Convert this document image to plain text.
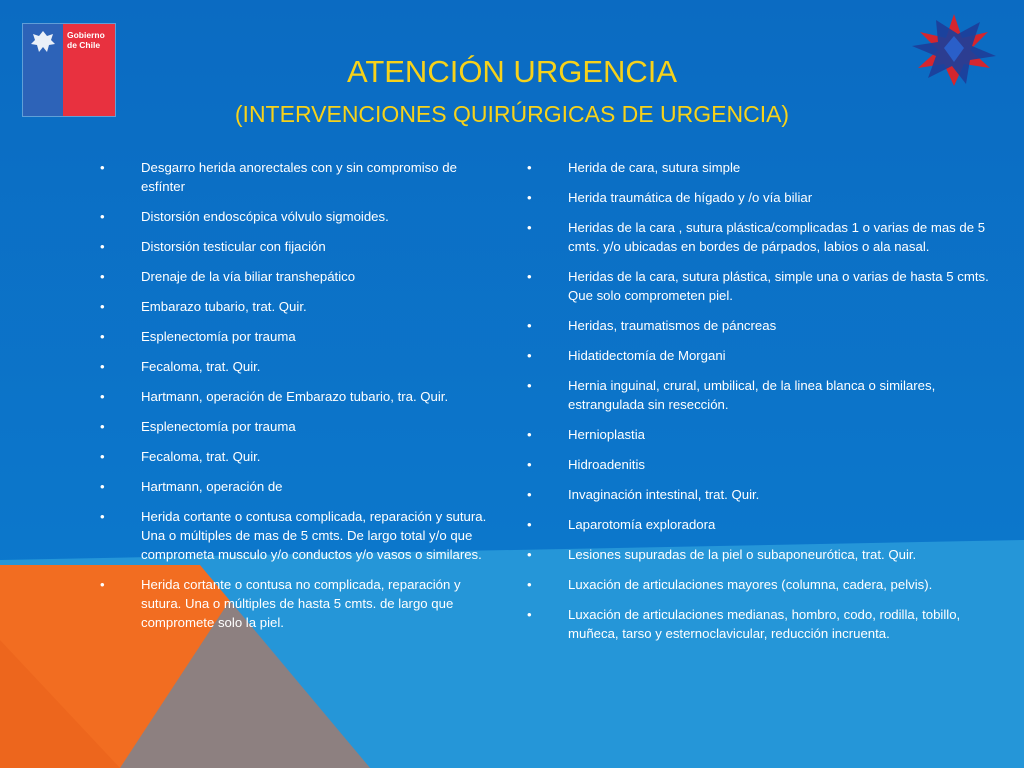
Gobierno
de Chile
ATENCIÓN URGENCIA
(INTERVENCIONES QUIRÚRGICAS DE URGENCIA)
•	Desgarro herida anorectales con y sin compromiso de esfínter
•	Distorsión endoscópica vólvulo sigmoides.
•	Distorsión testicular con fijación
•	Drenaje de la vía biliar transhepático
•	Embarazo tubario, trat. Quir.
•	Esplenectomía por trauma
•	Fecaloma, trat. Quir.
•	Hartmann, operación de Embarazo tubario, tra. Quir.
•	Esplenectomía por trauma
•	Fecaloma, trat. Quir.
•	Hartmann, operación de
•	Herida cortante o contusa complicada, reparación y sutura. Una o múltiples de mas de 5 cmts. De largo total y/o que comprometa musculo y/o conductos y/o vasos o similares.
•	Herida cortante o contusa no complicada, reparación y sutura. Una o múltiples de hasta 5 cmts. de largo que compromete solo la piel.
•	Herida de cara, sutura simple
•	Herida traumática de hígado y /o vía biliar
•	Heridas de la cara , sutura plástica/complicadas 1 o varias de mas de 5 cmts. y/o ubicadas en bordes de párpados, labios o ala nasal.
•	Heridas de la cara, sutura plástica, simple una o varias de hasta 5 cmts. Que solo comprometen piel.
•	Heridas, traumatismos de páncreas
•	Hidatidectomía de Morgani
•	Hernia inguinal, crural, umbilical, de la linea blanca o similares, estrangulada sin resección.
•	Hernioplastia
•	Hidroadenitis
•	Invaginación intestinal, trat. Quir.
•	Laparotomía exploradora
•	Lesiones supuradas de la piel o subaponeurótica, trat. Quir.
•	Luxación de articulaciones mayores (columna, cadera, pelvis).
•	Luxación de articulaciones medianas, hombro, codo, rodilla, tobillo, muñeca, tarso y esternoclavicular, reducción incruenta.
